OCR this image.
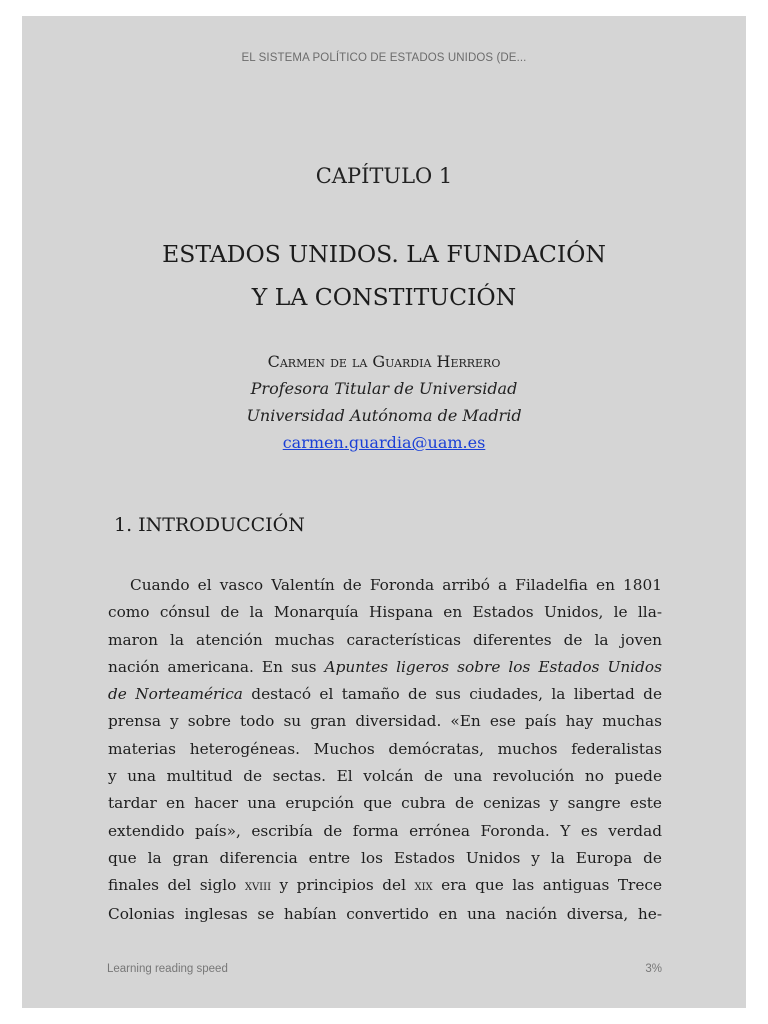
EL SISTEMA POLÍTICO DE ESTADOS UNIDOS (DE...
CAPÍTULO 1
ESTADOS UNIDOS. LA FUNDACIÓN
Y LA CONSTITUCIÓN
Carmen de la Guardia Herrero
Profesora Titular de Universidad
Universidad Autónoma de Madrid
carmen.guardia@uam.es
1. INTRODUCCIÓN
Cuando el vasco Valentín de Foronda arribó a Filadelfia en 1801
como cónsul de la Monarquía Hispana en Estados Unidos, le lla-
maron la atención muchas características diferentes de la joven
nación americana. En sus Apuntes ligeros sobre los Estados Unidos
de Norteamérica destacó el tamaño de sus ciudades, la libertad de
prensa y sobre todo su gran diversidad. «En ese país hay muchas
materias heterogéneas. Muchos demócratas, muchos federalistas
y una multitud de sectas. El volcán de una revolución no puede
tardar en hacer una erupción que cubra de cenizas y sangre este
extendido país», escribía de forma errónea Foronda. Y es verdad
que la gran diferencia entre los Estados Unidos y la Europa de
finales del siglo xviii y principios del xix era que las antiguas Trece
Colonias inglesas se habían convertido en una nación diversa, he-
Learning reading speed	3%
